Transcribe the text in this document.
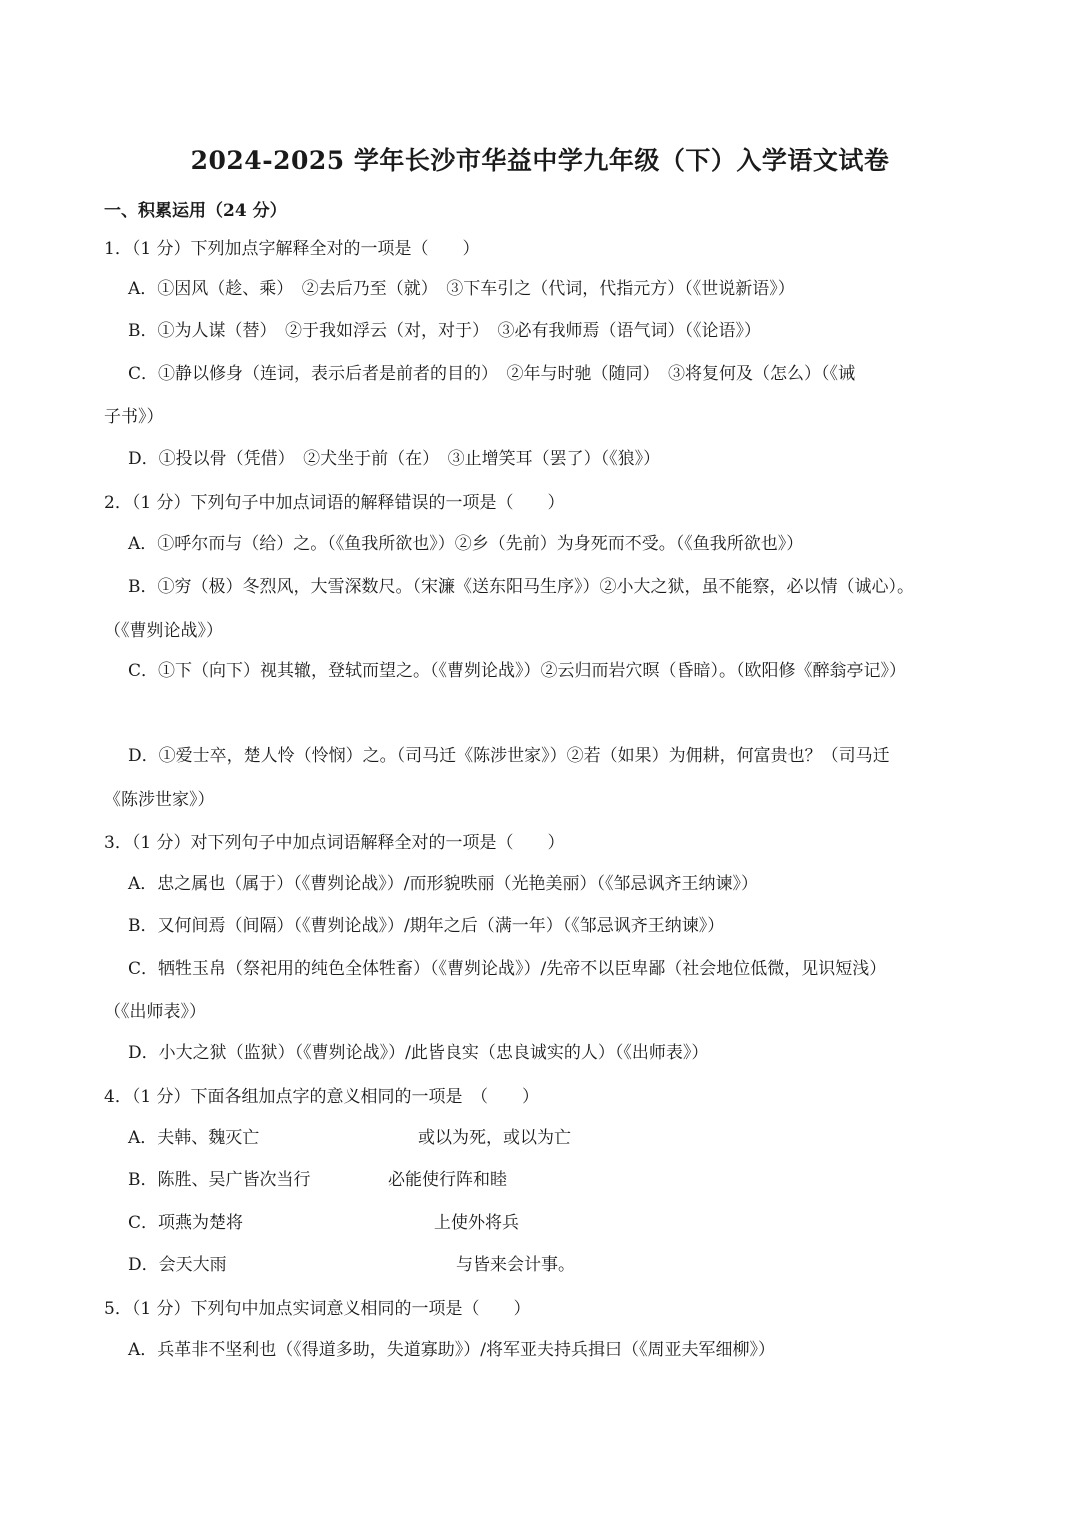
2024-2025 学年长沙市华益中学九年级（下）入学语文试卷
一、积累运用（24 分）
1．（1 分）下列加点字解释全对的一项是（　　）
A．①因风（趁、乘）　②去后乃至（就）　③下车引之（代词，代指元方）（《世说新语》）
B．①为人谋（替）　②于我如浮云（对，对于）　③必有我师焉（语气词）（《论语》）
C．①静以修身（连词，表示后者是前者的目的）　②年与时驰（随同）　③将复何及（怎么）（《诫
子书》）
D．①投以骨（凭借）　②犬坐于前（在）　③止增笑耳（罢了）（《狼》）
2．（1 分）下列句子中加点词语的解释错误的一项是（　　）
A．①呼尔而与（给）之。（《鱼我所欲也》）②乡（先前）为身死而不受。（《鱼我所欲也》）
B．①穷（极）冬烈风，大雪深数尺。（宋濂《送东阳马生序》）②小大之狱，虽不能察，必以情（诚心）。
（《曹刿论战》）
C．①下（向下）视其辙，登轼而望之。（《曹刿论战》）②云归而岩穴暝（昏暗）。（欧阳修《醉翁亭记》）
D．①爱士卒，楚人怜（怜悯）之。（司马迁《陈涉世家》）②若（如果）为佣耕，何富贵也？（司马迁
《陈涉世家》）
3．（1 分）对下列句子中加点词语解释全对的一项是（　　）
A．忠之属也（属于）（《曹刿论战》）/而形貌昳丽（光艳美丽）（《邹忌讽齐王纳谏》）
B．又何间焉（间隔）（《曹刿论战》）/期年之后（满一年）（《邹忌讽齐王纳谏》）
C．牺牲玉帛（祭祀用的纯色全体牲畜）（《曹刿论战》）/先帝不以臣卑鄙（社会地位低微，见识短浅）
（《出师表》）
D．小大之狱（监狱）（《曹刿论战》）/此皆良实（忠良诚实的人）（《出师表》）
4．（1 分）下面各组加点字的意义相同的一项是　（　　）
A．夫韩、魏灭亡	或以为死，或以为亡
B．陈胜、吴广皆次当行	必能使行阵和睦
C．项燕为楚将	上使外将兵
D．会天大雨	与皆来会计事。
5．（1 分）下列句中加点实词意义相同的一项是（　　）
A．兵革非不坚利也（《得道多助，失道寡助》）/将军亚夫持兵揖曰（《周亚夫军细柳》）
